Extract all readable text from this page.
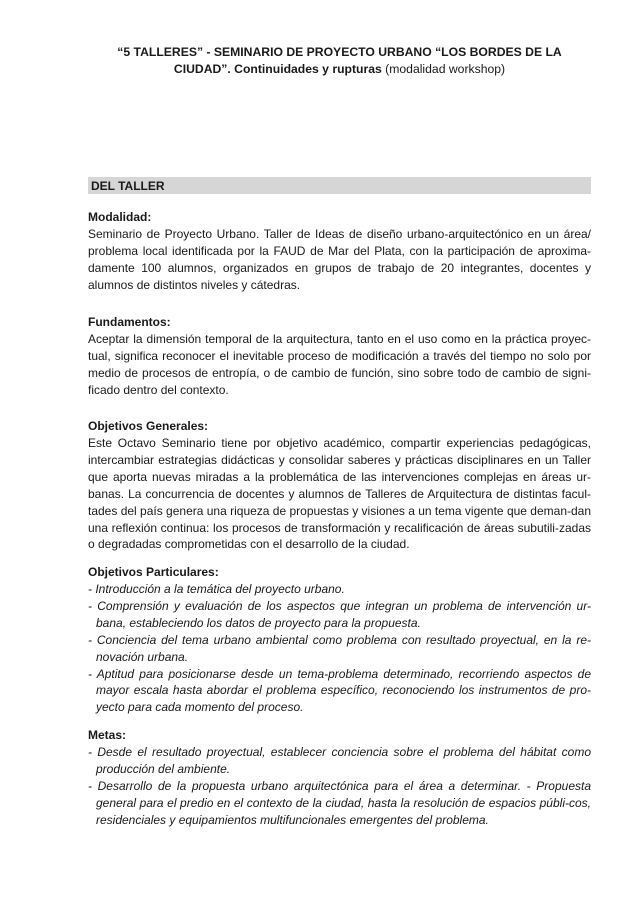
“5 TALLERES” - SEMINARIO DE PROYECTO URBANO “LOS BORDES DE LA CIUDAD”. Continuidades y rupturas (modalidad workshop)

DEL TALLER

Modalidad:

Seminario de Proyecto Urbano. Taller de Ideas de diseño urbano-arquitectónico en un área/ problema local identificada por la FAUD de Mar del Plata, con la participación de aproxima-damente 100 alumnos, organizados en grupos de trabajo de 20 integrantes, docentes y alumnos de distintos niveles y cátedras.

Fundamentos:

Aceptar la dimensión temporal de la arquitectura, tanto en el uso como en la práctica proyec-tual, significa reconocer el inevitable proceso de modificación a través del tiempo no solo por medio de procesos de entropía, o de cambio de función, sino sobre todo de cambio de signi-ficado dentro del contexto.

Objetivos Generales:

Este Octavo Seminario tiene por objetivo académico, compartir experiencias pedagógicas, intercambiar estrategias didácticas y consolidar saberes y prácticas disciplinares en un Taller que aporta nuevas miradas a la problemática de las intervenciones complejas en áreas ur-banas. La concurrencia de docentes y alumnos de Talleres de Arquitectura de distintas facul-tades del país genera una riqueza de propuestas y visiones a un tema vigente que deman-dan una reflexión continua: los procesos de transformación y recalificación de áreas subutili-zadas o degradadas comprometidas con el desarrollo de la ciudad.

Objetivos Particulares:

- Introducción a la temática del proyecto urbano.
- Comprensión y evaluación de los aspectos que integran un problema de intervención ur-bana, estableciendo los datos de proyecto para la propuesta.
- Conciencia del tema urbano ambiental como problema con resultado proyectual, en la re-novación urbana.
- Aptitud para posicionarse desde un tema-problema determinado, recorriendo aspectos de mayor escala hasta abordar el problema específico, reconociendo los instrumentos de pro-yecto para cada momento del proceso.

Metas:

- Desde el resultado proyectual, establecer conciencia sobre el problema del hábitat como producción del ambiente.
- Desarrollo de la propuesta urbano arquitectónica para el área a determinar. - Propuesta general para el predio en el contexto de la ciudad, hasta la resolución de espacios públi-cos, residenciales y equipamientos multifuncionales emergentes del problema.
